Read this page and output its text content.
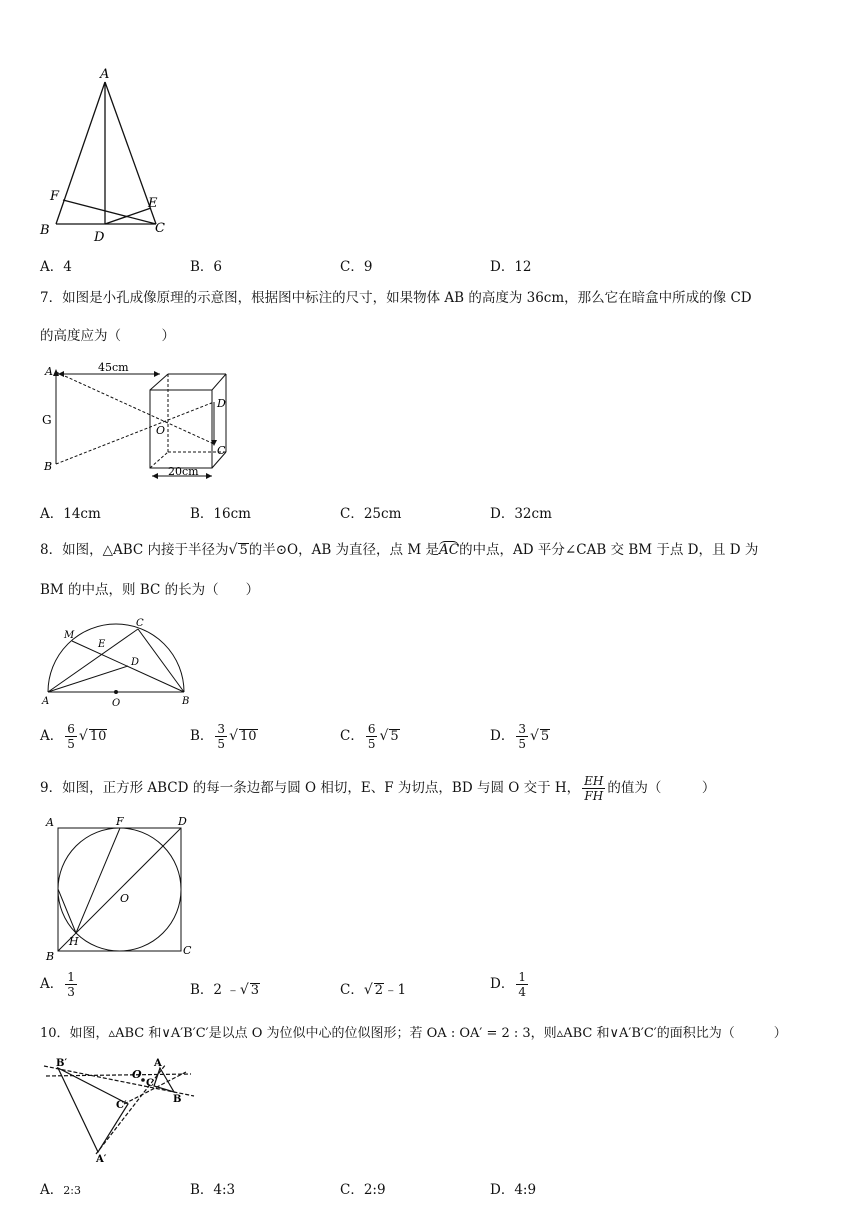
A
F	E
B	D
C
A．4	B．6	C．9	D．12
7．如图是小孔成像原理的示意图，根据图中标注的尺寸，如果物体 AB 的高度为 36cm，那么它在暗盒中所成的像 CD
的高度应为（　　　）
A
B
G
O
D
C
45cm
20cm
A．14cm	B．16cm	C．25cm	D．32cm
8．如图，△ABC 内接于半径为√ 5的半⊙O，AB 为直径，点 M 是AC的中点，AD 平分∠CAB 交 BM 于点 D，且 D 为
BM 的中点，则 BC 的长为（　　）
M
C
E
D
A	O	B
A． $\frac{6}{5}$ √ 10	B． $\frac{3}{5}$ √ 10	C． $\frac{6}{5}$ √ 5	D． $\frac{3}{5}$ √ 5
9．如图，正方形 ABCD 的每一条边都与圆 O 相切，E、F 为切点，BD 与圆 O 交于 H， $\frac{EH}{FH}$ 的值为（　　　）
A	F	D
O
B
H
C
A． $\frac{1}{3}$	B．2 ﹣√ 3	C．√ 2﹣1	D． $\frac{1}{4}$
10．如图，▵ABC 和∨A′B′C′是以点 O 为位似中心的位似图形；若 OA : OA′ = 2 : 3，则▵ABC 和∨A′B′C′的面积比为（　　　）
B′
O
A
C
B
C′
A′
A．2:3	B．4:3	C．2:9	D．4:9
